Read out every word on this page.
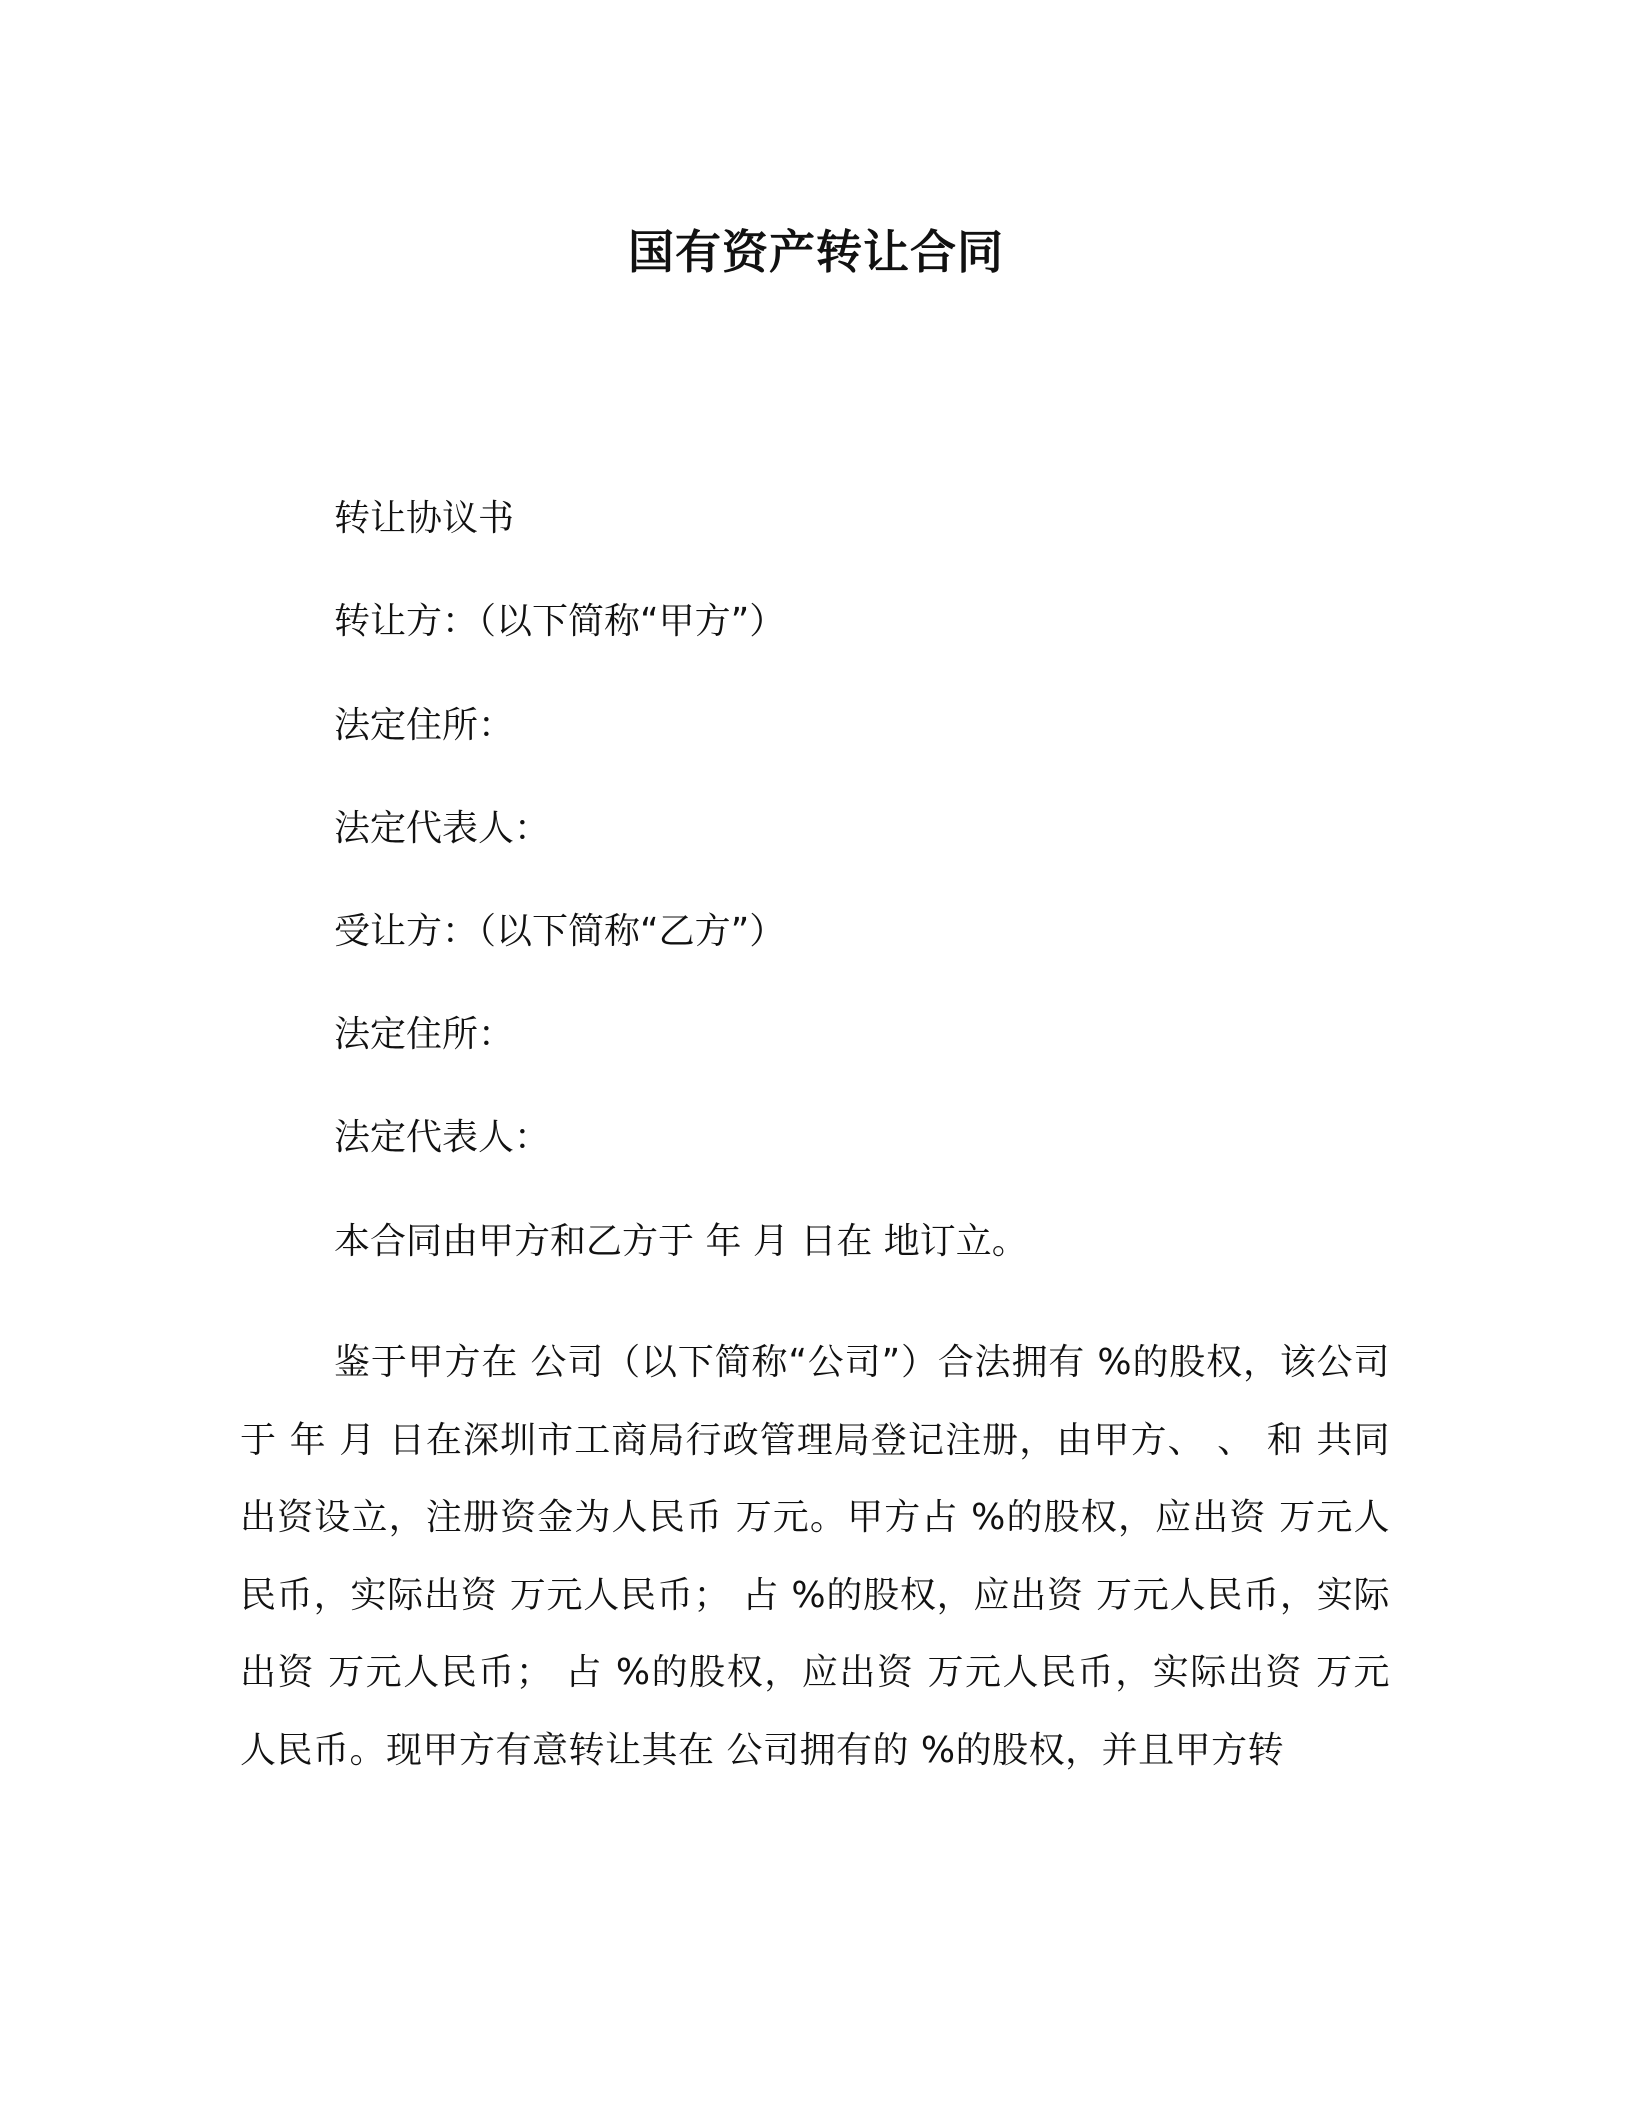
国有资产转让合同
转让协议书
转让方：（以下简称“甲方”）
法定住所：
法定代表人：
受让方：（以下简称“乙方”）
法定住所：
法定代表人：
本合同由甲方和乙方于 年 月 日在 地订立。
鉴于甲方在 公司（以下简称“公司”）合法拥有 %的股权，该公司于 年 月 日在深圳市工商局行政管理局登记注册，由甲方、 、 和 共同出资设立，注册资金为人民币 万元。甲方占 %的股权，应出资 万元人民币，实际出资 万元人民币； 占 %的股权，应出资 万元人民币，实际出资 万元人民币； 占 %的股权，应出资 万元人民币，实际出资 万元人民币。现甲方有意转让其在 公司拥有的 %的股权，并且甲方转
